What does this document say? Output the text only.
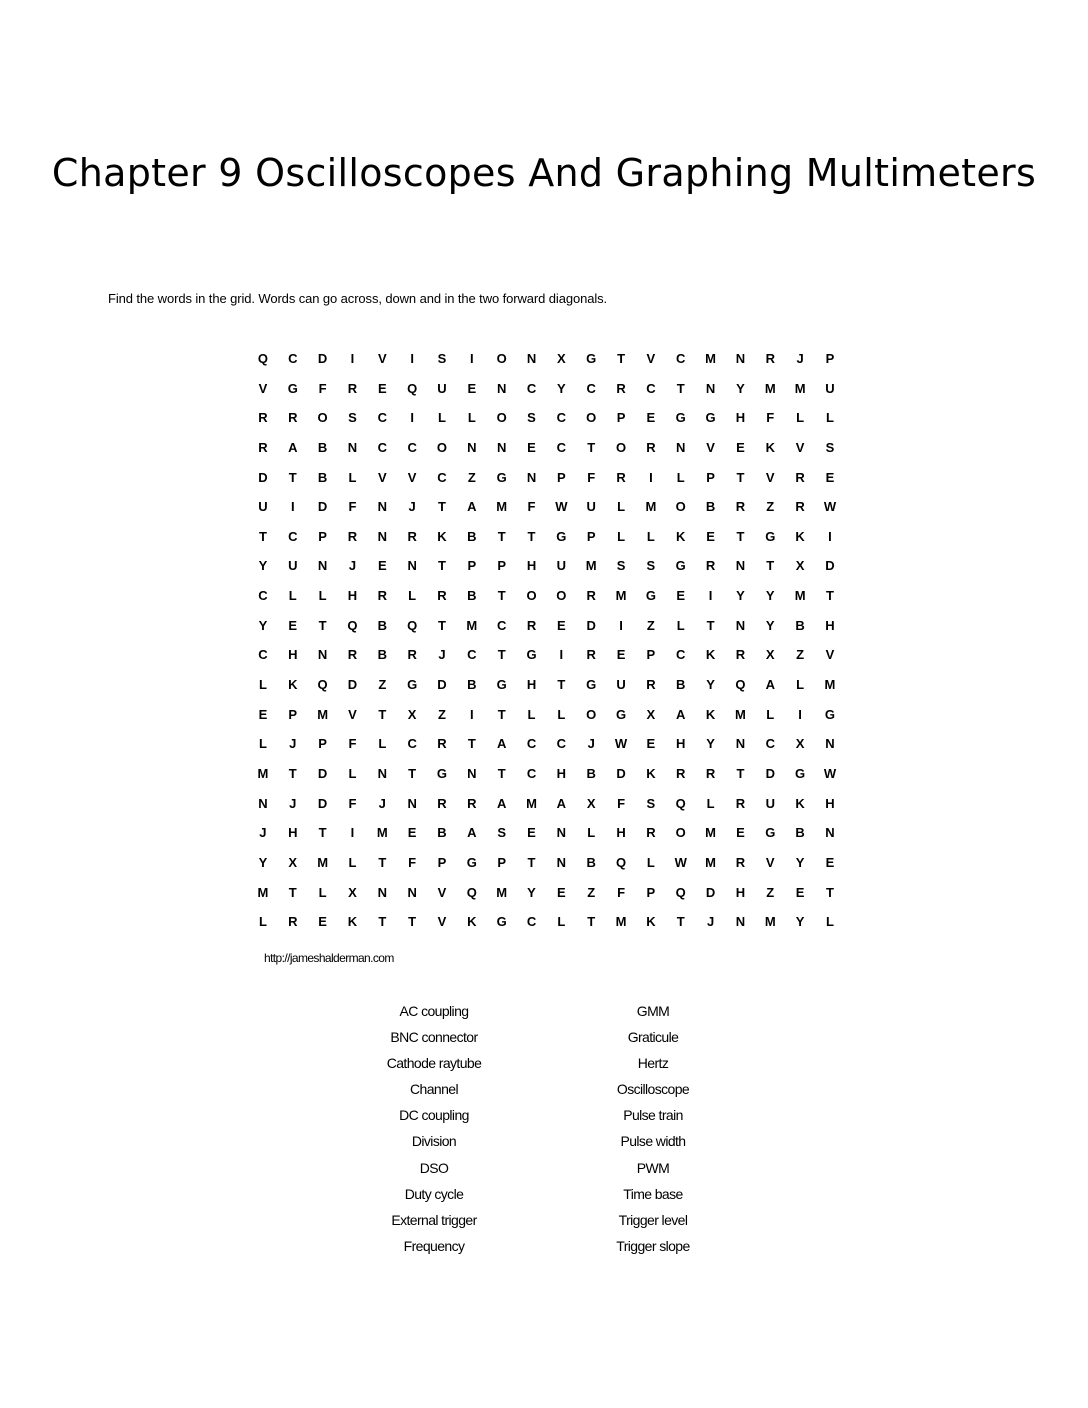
Chapter 9 Oscilloscopes And Graphing Multimeters
Find the words in the grid. Words can go across, down and in the two forward diagonals.
Q	C	D	I	V	I	S	I	O	N	X	G	T	V	C	M	N	R	J	P
V	G	F	R	E	Q	U	E	N	C	Y	C	R	C	T	N	Y	M	M	U
R	R	O	S	C	I	L	L	O	S	C	O	P	E	G	G	H	F	L	L
R	A	B	N	C	C	O	N	N	E	C	T	O	R	N	V	E	K	V	S
D	T	B	L	V	V	C	Z	G	N	P	F	R	I	L	P	T	V	R	E
U	I	D	F	N	J	T	A	M	F	W	U	L	M	O	B	R	Z	R	W
T	C	P	R	N	R	K	B	T	T	G	P	L	L	K	E	T	G	K	I
Y	U	N	J	E	N	T	P	P	H	U	M	S	S	G	R	N	T	X	D
C	L	L	H	R	L	R	B	T	O	O	R	M	G	E	I	Y	Y	M	T
Y	E	T	Q	B	Q	T	M	C	R	E	D	I	Z	L	T	N	Y	B	H
C	H	N	R	B	R	J	C	T	G	I	R	E	P	C	K	R	X	Z	V
L	K	Q	D	Z	G	D	B	G	H	T	G	U	R	B	Y	Q	A	L	M
E	P	M	V	T	X	Z	I	T	L	L	O	G	X	A	K	M	L	I	G
L	J	P	F	L	C	R	T	A	C	C	J	W	E	H	Y	N	C	X	N
M	T	D	L	N	T	G	N	T	C	H	B	D	K	R	R	T	D	G	W
N	J	D	F	J	N	R	R	A	M	A	X	F	S	Q	L	R	U	K	H
J	H	T	I	M	E	B	A	S	E	N	L	H	R	O	M	E	G	B	N
Y	X	M	L	T	F	P	G	P	T	N	B	Q	L	W	M	R	V	Y	E
M	T	L	X	N	N	V	Q	M	Y	E	Z	F	P	Q	D	H	Z	E	T
L	R	E	K	T	T	V	K	G	C	L	T	M	K	T	J	N	M	Y	L
http://jameshalderman.com
AC coupling
BNC connector
Cathode raytube
Channel
DC coupling
Division
DSO
Duty cycle
External trigger
Frequency
GMM
Graticule
Hertz
Oscilloscope
Pulse train
Pulse width
PWM
Time base
Trigger level
Trigger slope
